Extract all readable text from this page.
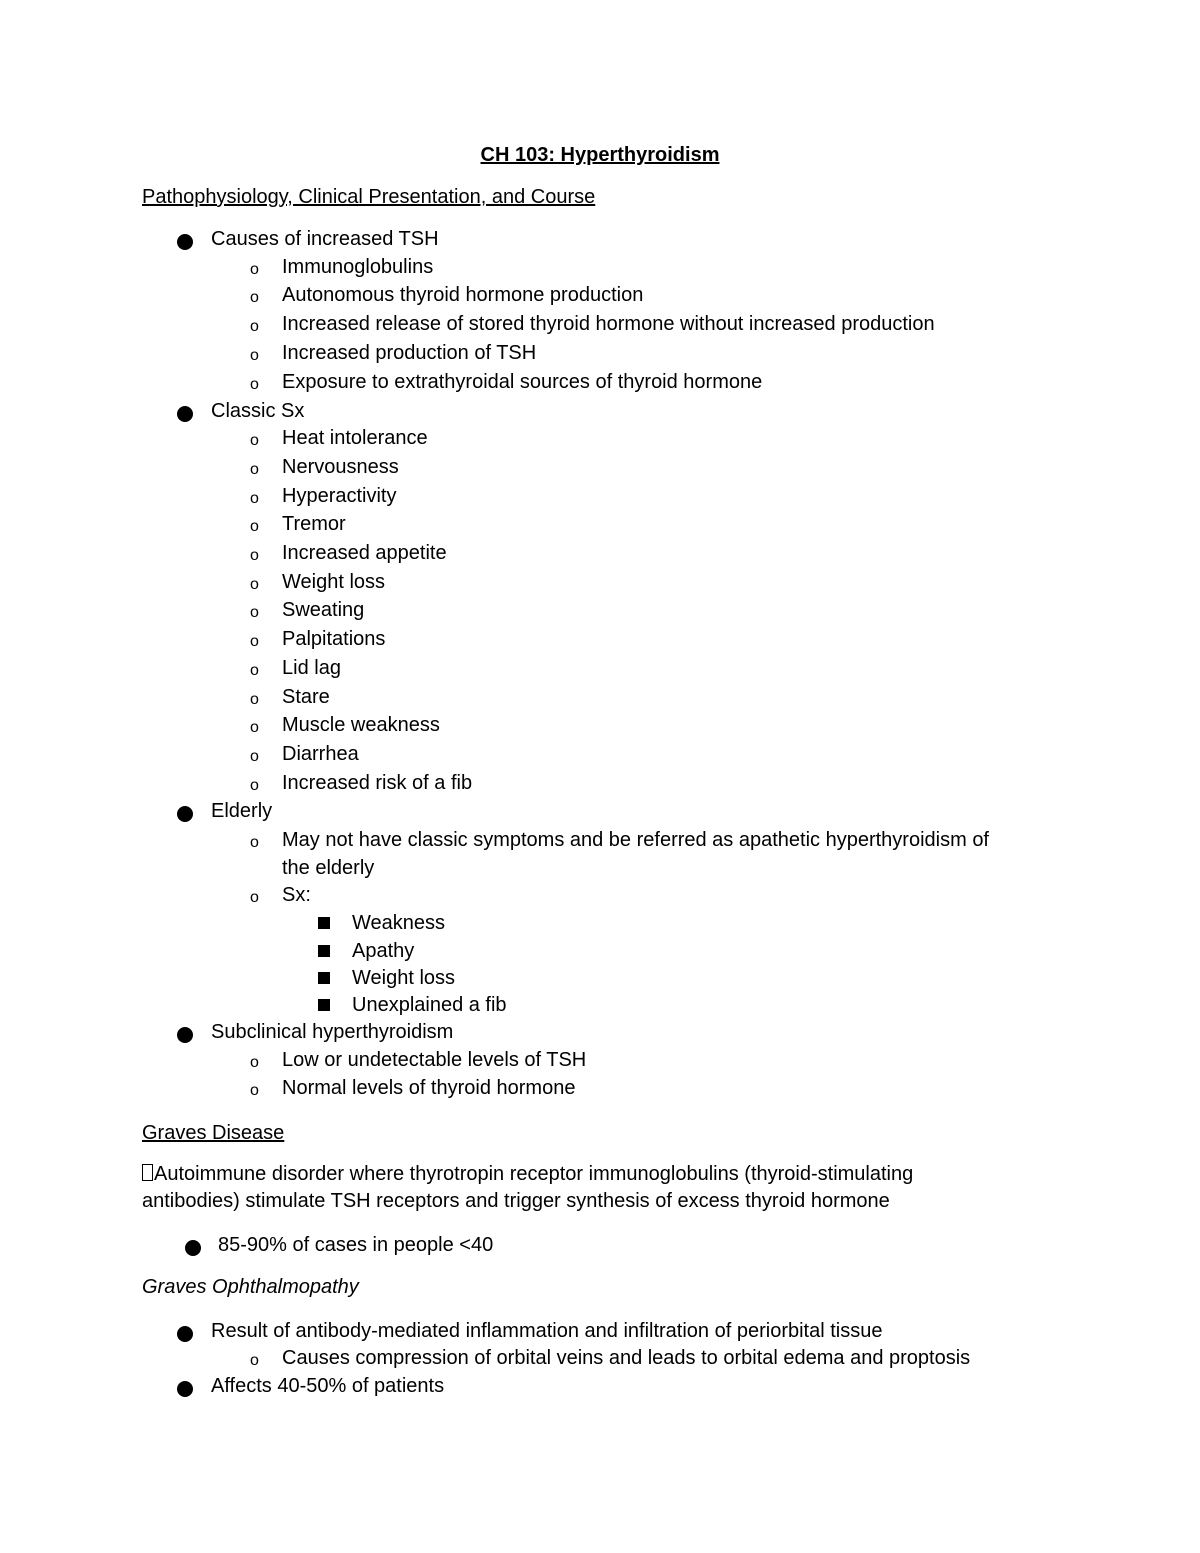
CH 103: Hyperthyroidism
Pathophysiology, Clinical Presentation, and Course
Causes of increased TSH
o Immunoglobulins
o Autonomous thyroid hormone production
o Increased release of stored thyroid hormone without increased production
o Increased production of TSH
o Exposure to extrathyroidal sources of thyroid hormone
Classic Sx
o Heat intolerance
o Nervousness
o Hyperactivity
o Tremor
o Increased appetite
o Weight loss
o Sweating
o Palpitations
o Lid lag
o Stare
o Muscle weakness
o Diarrhea
o Increased risk of a fib
Elderly
o May not have classic symptoms and be referred as apathetic hyperthyroidism of
the elderly
o Sx:
Weakness
Apathy
Weight loss
Unexplained a fib
Subclinical hyperthyroidism
o Low or undetectable levels of TSH
o Normal levels of thyroid hormone
Graves Disease
Autoimmune disorder where thyrotropin receptor immunoglobulins (thyroid-stimulating
antibodies) stimulate TSH receptors and trigger synthesis of excess thyroid hormone
85-90% of cases in people <40
Graves Ophthalmopathy
Result of antibody-mediated inflammation and infiltration of periorbital tissue
o Causes compression of orbital veins and leads to orbital edema and proptosis
Affects 40-50% of patients
